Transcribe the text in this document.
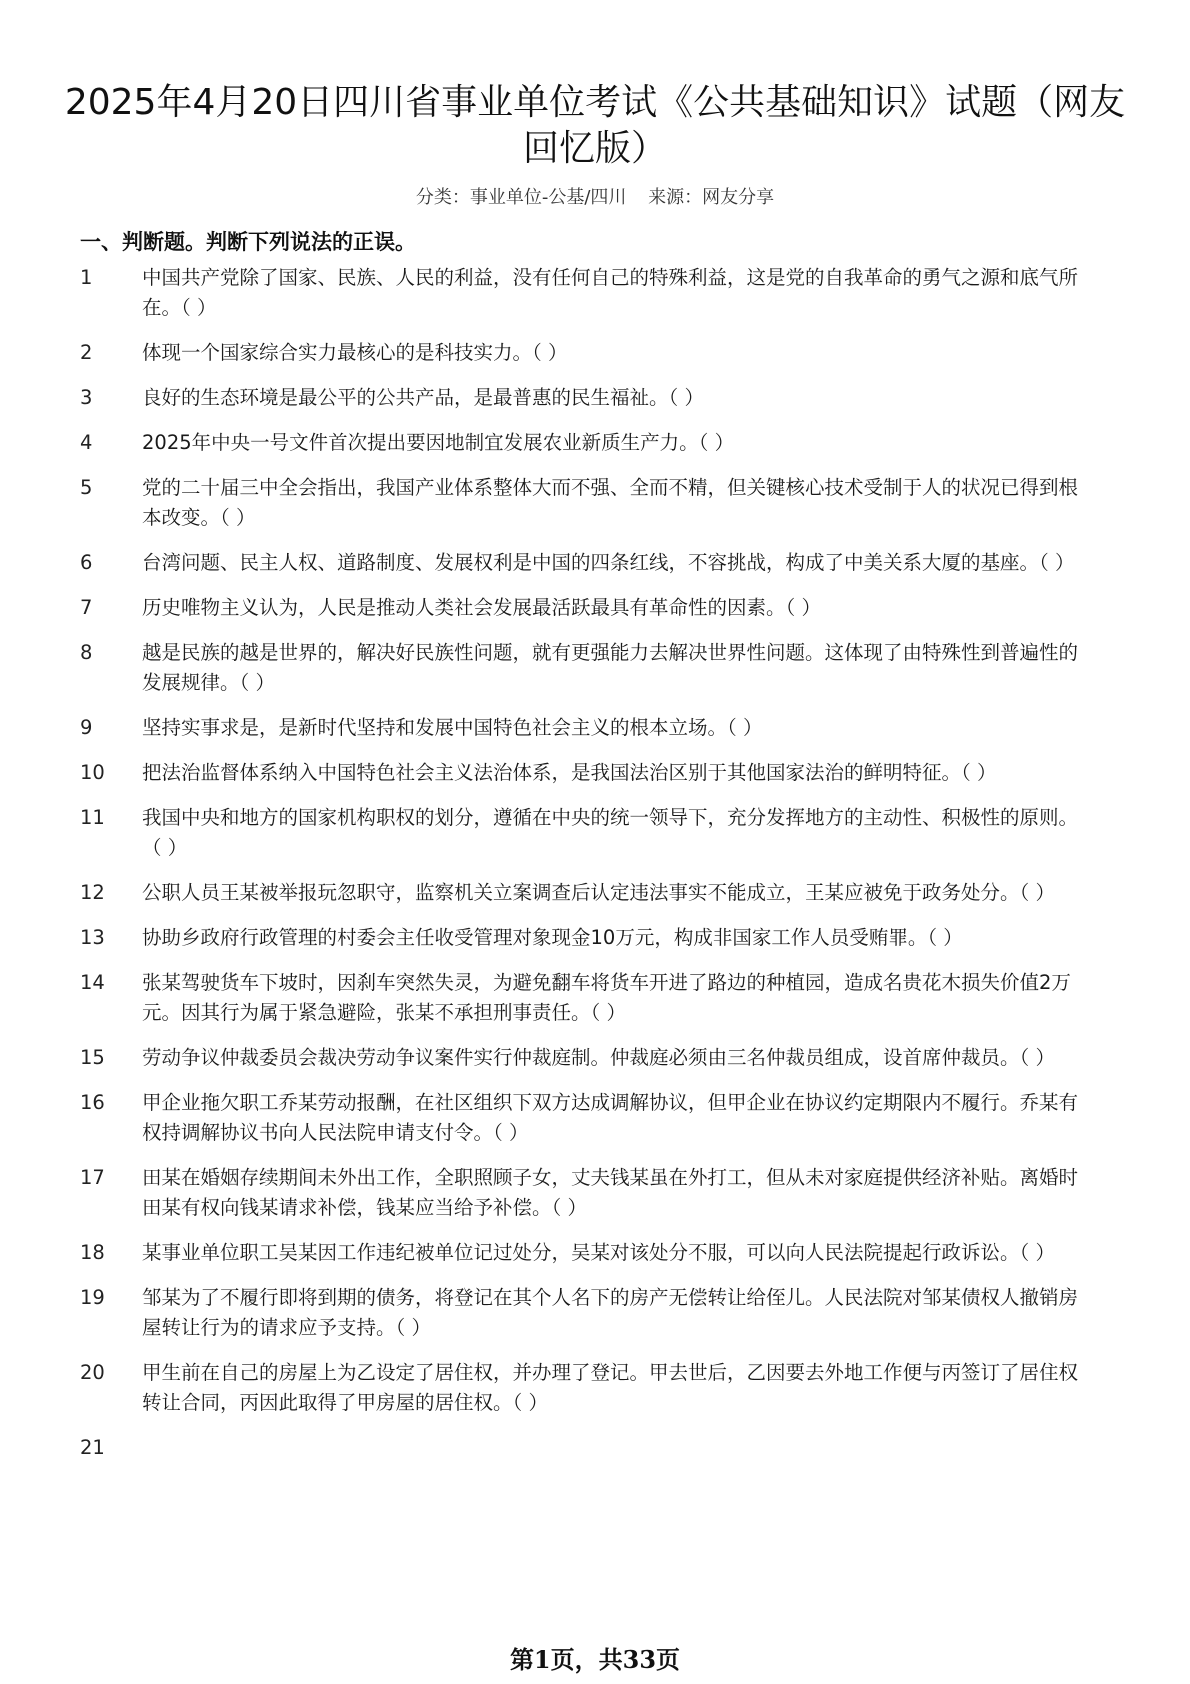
2025年4月20日四川省事业单位考试《公共基础知识》试题（网友回忆版）
分类：事业单位-公基/四川 来源：网友分享
一、判断题。判断下列说法的正误。
1	中国共产党除了国家、民族、人民的利益，没有任何自己的特殊利益，这是党的自我革命的勇气之源和底气所在。（ ）
2	体现一个国家综合实力最核心的是科技实力。（ ）
3	良好的生态环境是最公平的公共产品，是最普惠的民生福祉。（ ）
4	2025年中央一号文件首次提出要因地制宜发展农业新质生产力。（ ）
5	党的二十届三中全会指出，我国产业体系整体大而不强、全而不精，但关键核心技术受制于人的状况已得到根本改变。（ ）
6	台湾问题、民主人权、道路制度、发展权利是中国的四条红线，不容挑战，构成了中美关系大厦的基座。（ ）
7	历史唯物主义认为，人民是推动人类社会发展最活跃最具有革命性的因素。（ ）
8	越是民族的越是世界的，解决好民族性问题，就有更强能力去解决世界性问题。这体现了由特殊性到普遍性的发展规律。（ ）
9	坚持实事求是，是新时代坚持和发展中国特色社会主义的根本立场。（ ）
10	把法治监督体系纳入中国特色社会主义法治体系，是我国法治区别于其他国家法治的鲜明特征。（ ）
11	我国中央和地方的国家机构职权的划分，遵循在中央的统一领导下，充分发挥地方的主动性、积极性的原则。（ ）
12	公职人员王某被举报玩忽职守，监察机关立案调查后认定违法事实不能成立，王某应被免于政务处分。（ ）
13	协助乡政府行政管理的村委会主任收受管理对象现金10万元，构成非国家工作人员受贿罪。（ ）
14	张某驾驶货车下坡时，因刹车突然失灵，为避免翻车将货车开进了路边的种植园，造成名贵花木损失价值2万元。因其行为属于紧急避险，张某不承担刑事责任。（ ）
15	劳动争议仲裁委员会裁决劳动争议案件实行仲裁庭制。仲裁庭必须由三名仲裁员组成，设首席仲裁员。（ ）
16	甲企业拖欠职工乔某劳动报酬，在社区组织下双方达成调解协议，但甲企业在协议约定期限内不履行。乔某有权持调解协议书向人民法院申请支付令。（ ）
17	田某在婚姻存续期间未外出工作，全职照顾子女，丈夫钱某虽在外打工，但从未对家庭提供经济补贴。离婚时田某有权向钱某请求补偿，钱某应当给予补偿。（ ）
18	某事业单位职工吴某因工作违纪被单位记过处分，吴某对该处分不服，可以向人民法院提起行政诉讼。（ ）
19	邹某为了不履行即将到期的债务，将登记在其个人名下的房产无偿转让给侄儿。人民法院对邹某债权人撤销房屋转让行为的请求应予支持。（ ）
20	甲生前在自己的房屋上为乙设定了居住权，并办理了登记。甲去世后，乙因要去外地工作便与丙签订了居住权转让合同，丙因此取得了甲房屋的居住权。（ ）
21
第1页，共33页
